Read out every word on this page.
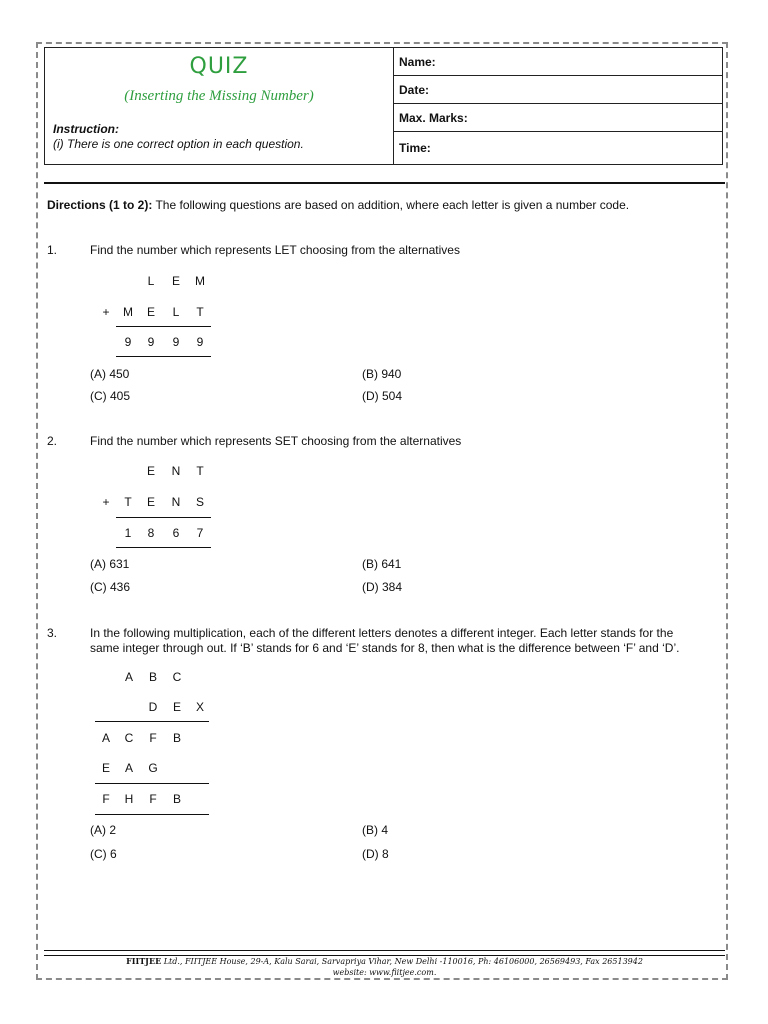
QUIZ
(Inserting the Missing Number)
Instruction:
(i) There is one correct option in each question.
Name:
Date:
Max. Marks:
Time:
Directions (1 to 2): The following questions are based on addition, where each letter is given a number code.
1.	Find the number which represents LET choosing from the alternatives
L E M
+ M E L T
9 9 9 9
(A) 450	(B) 940
(C) 405	(D) 504
2.	Find the number which represents SET choosing from the alternatives
E N T
+ T E N S
1 8 6 7
(A) 631	(B) 641
(C) 436	(D) 384
3.	In the following multiplication, each of the different letters denotes a different integer. Each letter stands for the
same integer through out. If ‘B’ stands for 6 and ‘E’ stands for 8, then what is the difference between ‘F’ and ‘D’.
A B C
D E X
A C F B
E A G
F H F B
(A) 2	(B) 4
(C) 6	(D) 8
FIITJEE Ltd., FIITJEE House, 29-A, Kalu Sarai, Sarvapriya Vihar, New Delhi -110016, Ph: 46106000, 26569493, Fax 26513942
website: www.fiitjee.com.
